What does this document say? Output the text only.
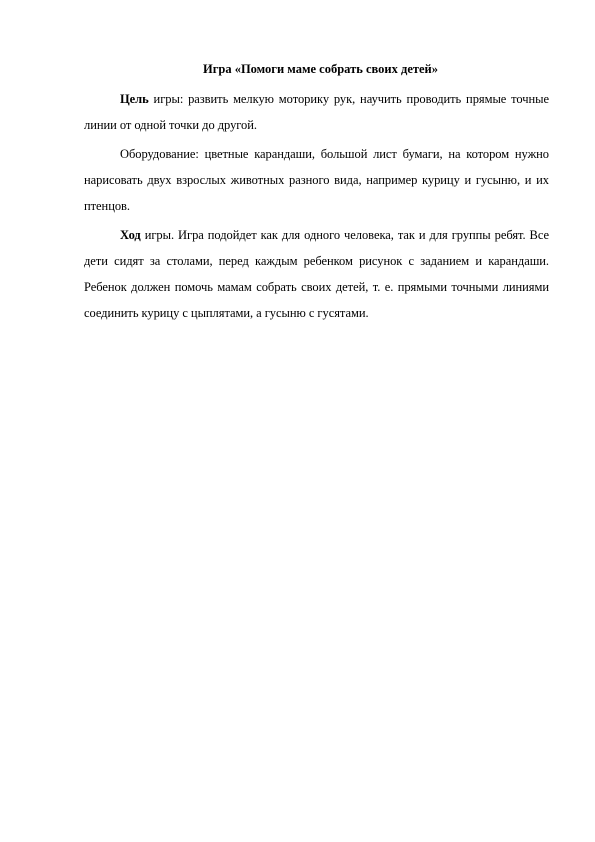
Игра «Помоги маме собрать своих детей»

Цель игры: развить мелкую моторику рук, научить проводить прямые точные линии от одной точки до другой.

Оборудование: цветные карандаши, большой лист бумаги, на котором нужно нарисовать двух взрослых животных разного вида, например курицу и гусыню, и их птенцов.

Ход игры. Игра подойдет как для одного человека, так и для группы ребят. Все дети сидят за столами, перед каждым ребенком рисунок с заданием и карандаши. Ребенок должен помочь мамам собрать своих детей, т. е. прямыми точными линиями соединить курицу с цыплятами, а гусыню с гусятами.
